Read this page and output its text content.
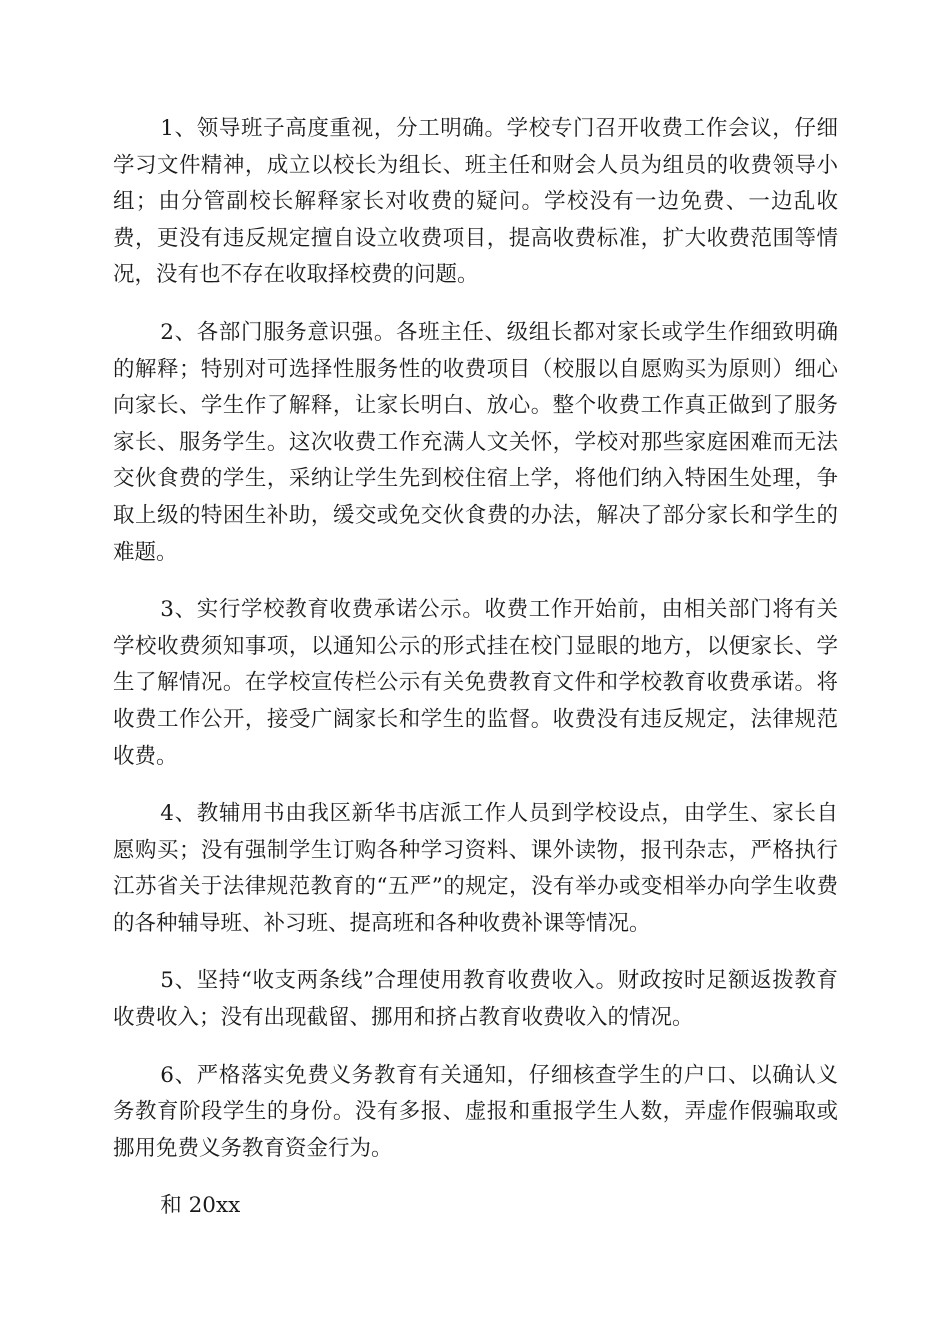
1、领导班子高度重视，分工明确。学校专门召开收费工作会议，仔细学习文件精神，成立以校长为组长、班主任和财会人员为组员的收费领导小组；由分管副校长解释家长对收费的疑问。学校没有一边免费、一边乱收费，更没有违反规定擅自设立收费项目，提高收费标准，扩大收费范围等情况，没有也不存在收取择校费的问题。

2、各部门服务意识强。各班主任、级组长都对家长或学生作细致明确的解释；特别对可选择性服务性的收费项目（校服以自愿购买为原则）细心向家长、学生作了解释，让家长明白、放心。整个收费工作真正做到了服务家长、服务学生。这次收费工作充满人文关怀，学校对那些家庭困难而无法交伙食费的学生，采纳让学生先到校住宿上学，将他们纳入特困生处理，争取上级的特困生补助，缓交或免交伙食费的办法，解决了部分家长和学生的难题。

3、实行学校教育收费承诺公示。收费工作开始前，由相关部门将有关学校收费须知事项，以通知公示的形式挂在校门显眼的地方，以便家长、学生了解情况。在学校宣传栏公示有关免费教育文件和学校教育收费承诺。将收费工作公开，接受广阔家长和学生的监督。收费没有违反规定，法律规范收费。

4、教辅用书由我区新华书店派工作人员到学校设点，由学生、家长自愿购买；没有强制学生订购各种学习资料、课外读物，报刊杂志，严格执行江苏省关于法律规范教育的“五严”的规定，没有举办或变相举办向学生收费的各种辅导班、补习班、提高班和各种收费补课等情况。

5、坚持“收支两条线”合理使用教育收费收入。财政按时足额返拨教育收费收入；没有出现截留、挪用和挤占教育收费收入的情况。

6、严格落实免费义务教育有关通知，仔细核查学生的户口、以确认义务教育阶段学生的身份。没有多报、虚报和重报学生人数，弄虚作假骗取或挪用免费义务教育资金行为。

和 20xx
